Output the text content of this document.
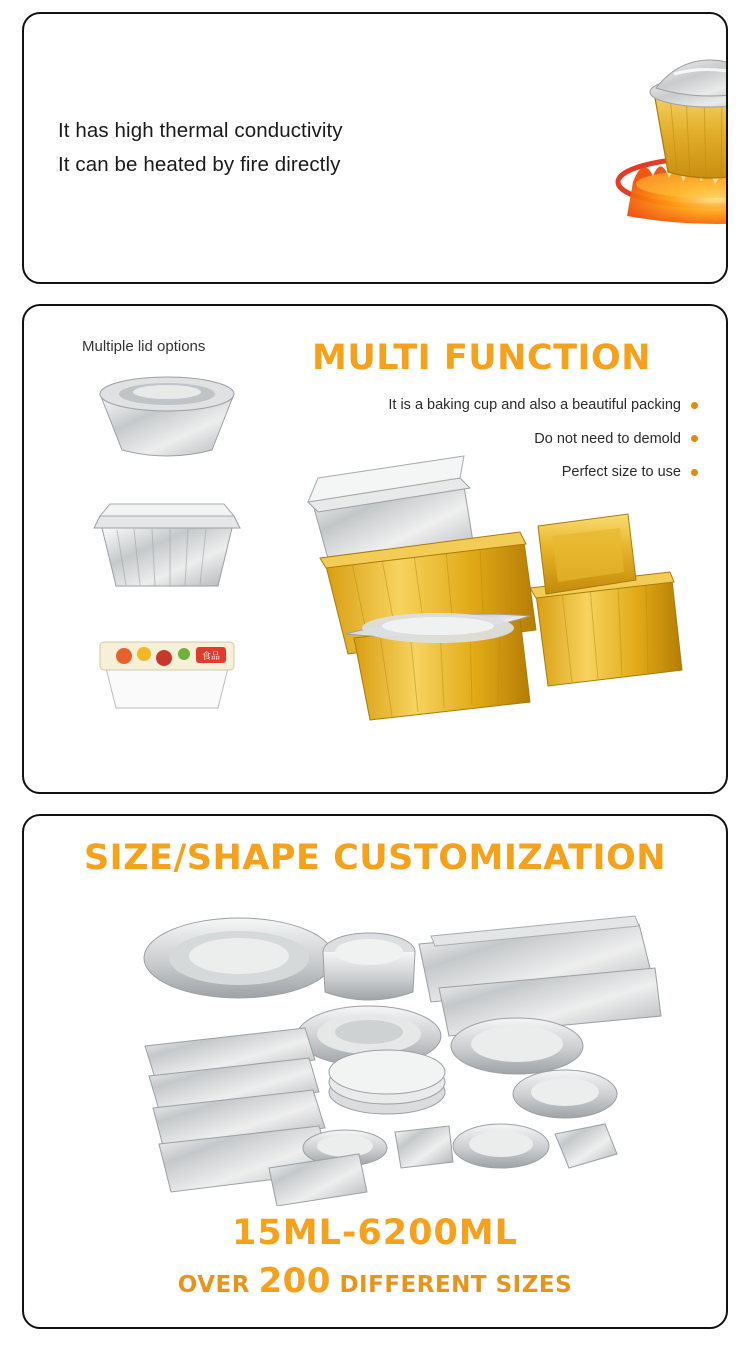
It has high thermal conductivity
It can be heated by fire directly
Multiple lid options	MULTI FUNCTION
It is a baking cup and also a beautiful packing
Do not need to demold
Perfect size to use
食品
SIZE/SHAPE CUSTOMIZATION
15ML-6200ML
OVER 200 DIFFERENT SIZES
